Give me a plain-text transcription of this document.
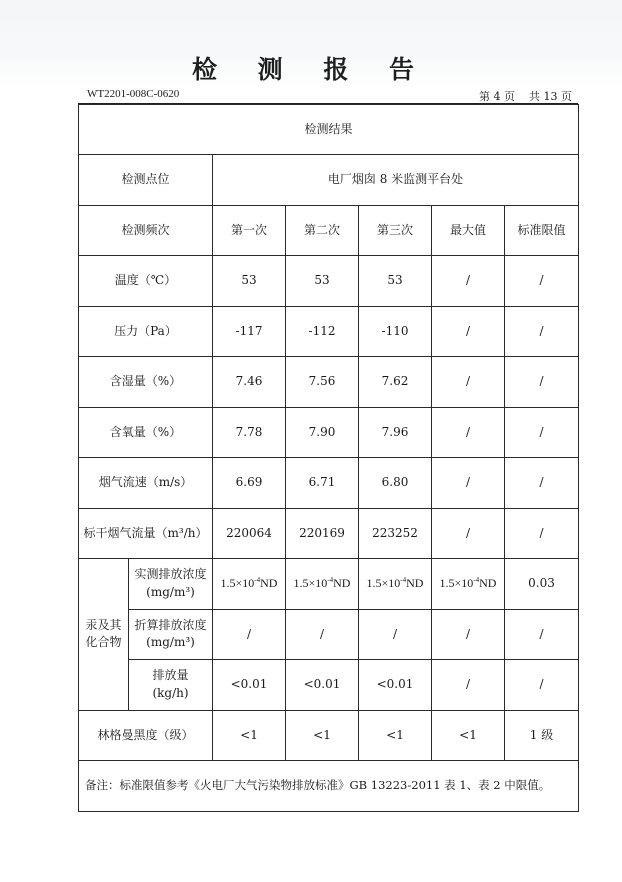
检 测 报 告
WT2201-008C-0620	第 4 页 共 13 页
检测结果						
检测点位		电厂烟囱 8 米监测平台处				
检测频次		第一次	第二次	第三次	最大值	标准限值
温度（℃）		53	53	53	/	/
压力（Pa）		-117	-112	-110	/	/
含湿量（%）		7.46	7.56	7.62	/	/
含氧量（%）		7.78	7.90	7.96	/	/
烟气流速（m/s）		6.69	6.71	6.80	/	/
标干烟气流量（m³/h）		220064	220169	223252	/	/
汞及其化合物	实测排放浓度(mg/m³)	$1.5\times 10^{-4}ND$	$1.5\times 10^{-4}ND$	$1.5\times 10^{-4}ND$	$1.5\times 10^{-4}ND$	0.03
	折算排放浓度(mg/m³)	/	/	/	/	/
	排放量(kg/h)	<0.01	<0.01	<0.01	/	/
林格曼黑度（级）		<1	<1	<1	<1	1 级
备注：标准限值参考《火电厂大气污染物排放标准》GB 13223-2011 表 1、表 2 中限值。						
